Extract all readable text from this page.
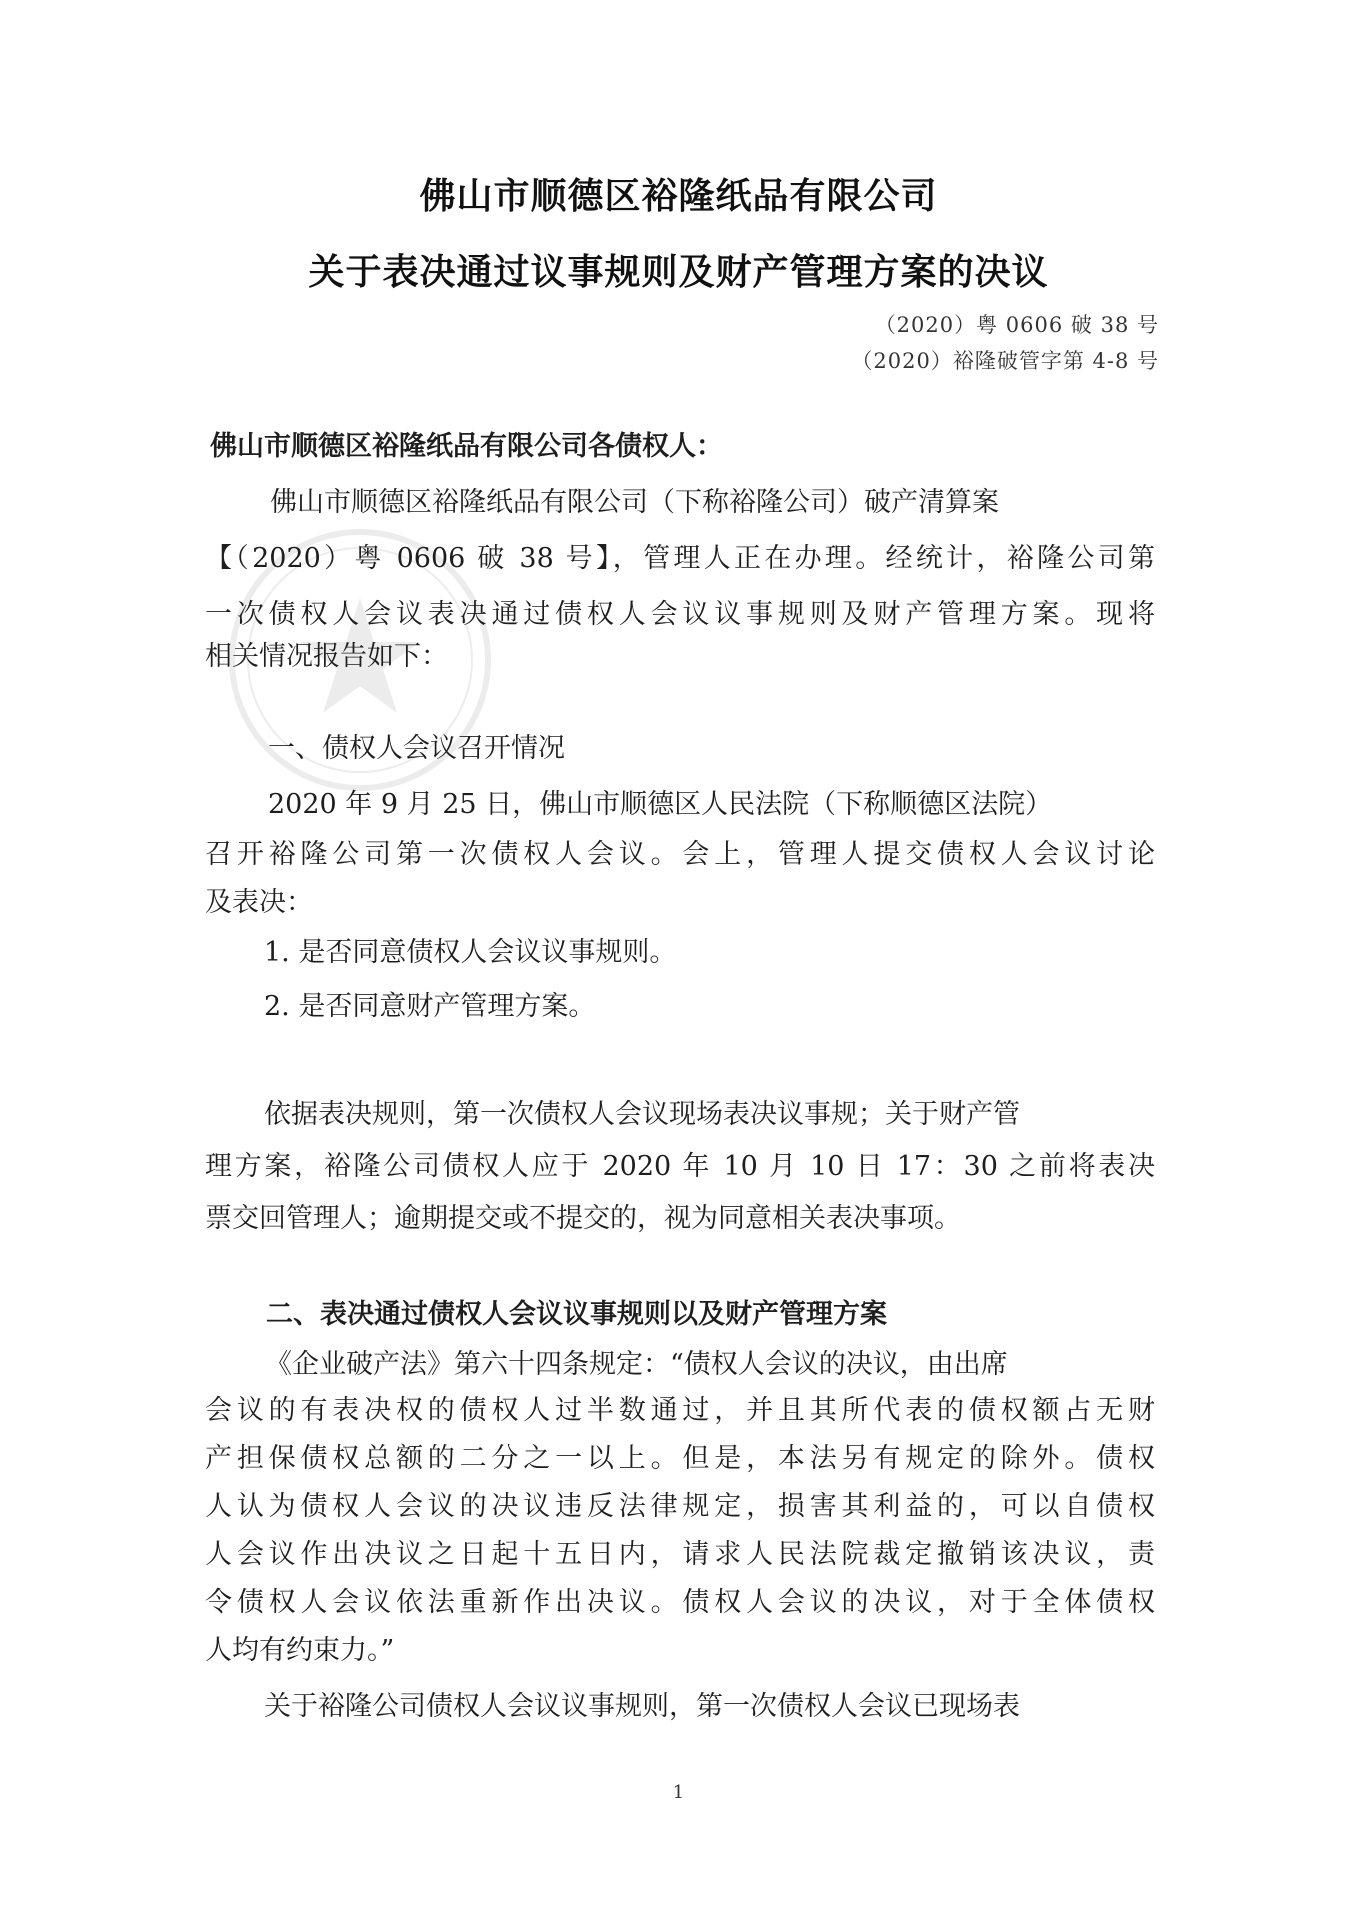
佛山市顺德区裕隆纸品有限公司
关于表决通过议事规则及财产管理方案的决议
（2020）粤 0606 破 38 号
（2020）裕隆破管字第 4-8 号
佛山市顺德区裕隆纸品有限公司各债权人：
佛山市顺德区裕隆纸品有限公司（下称裕隆公司）破产清算案
【（2020）粤 0606 破 38 号】，管理人正在办理。经统计，裕隆公司第
一次债权人会议表决通过债权人会议议事规则及财产管理方案。现将
相关情况报告如下：
一、债权人会议召开情况
2020 年 9 月 25 日，佛山市顺德区人民法院（下称顺德区法院）
召开裕隆公司第一次债权人会议。会上，管理人提交债权人会议讨论
及表决：
1. 是否同意债权人会议议事规则。
2. 是否同意财产管理方案。
依据表决规则，第一次债权人会议现场表决议事规；关于财产管
理方案，裕隆公司债权人应于 2020 年 10 月 10 日 17：30 之前将表决
票交回管理人；逾期提交或不提交的，视为同意相关表决事项。
二、表决通过债权人会议议事规则以及财产管理方案
《企业破产法》第六十四条规定：“债权人会议的决议，由出席
会议的有表决权的债权人过半数通过，并且其所代表的债权额占无财
产担保债权总额的二分之一以上。但是，本法另有规定的除外。债权
人认为债权人会议的决议违反法律规定，损害其利益的，可以自债权
人会议作出决议之日起十五日内，请求人民法院裁定撤销该决议，责
令债权人会议依法重新作出决议。债权人会议的决议，对于全体债权
人均有约束力。”
关于裕隆公司债权人会议议事规则，第一次债权人会议已现场表
1
